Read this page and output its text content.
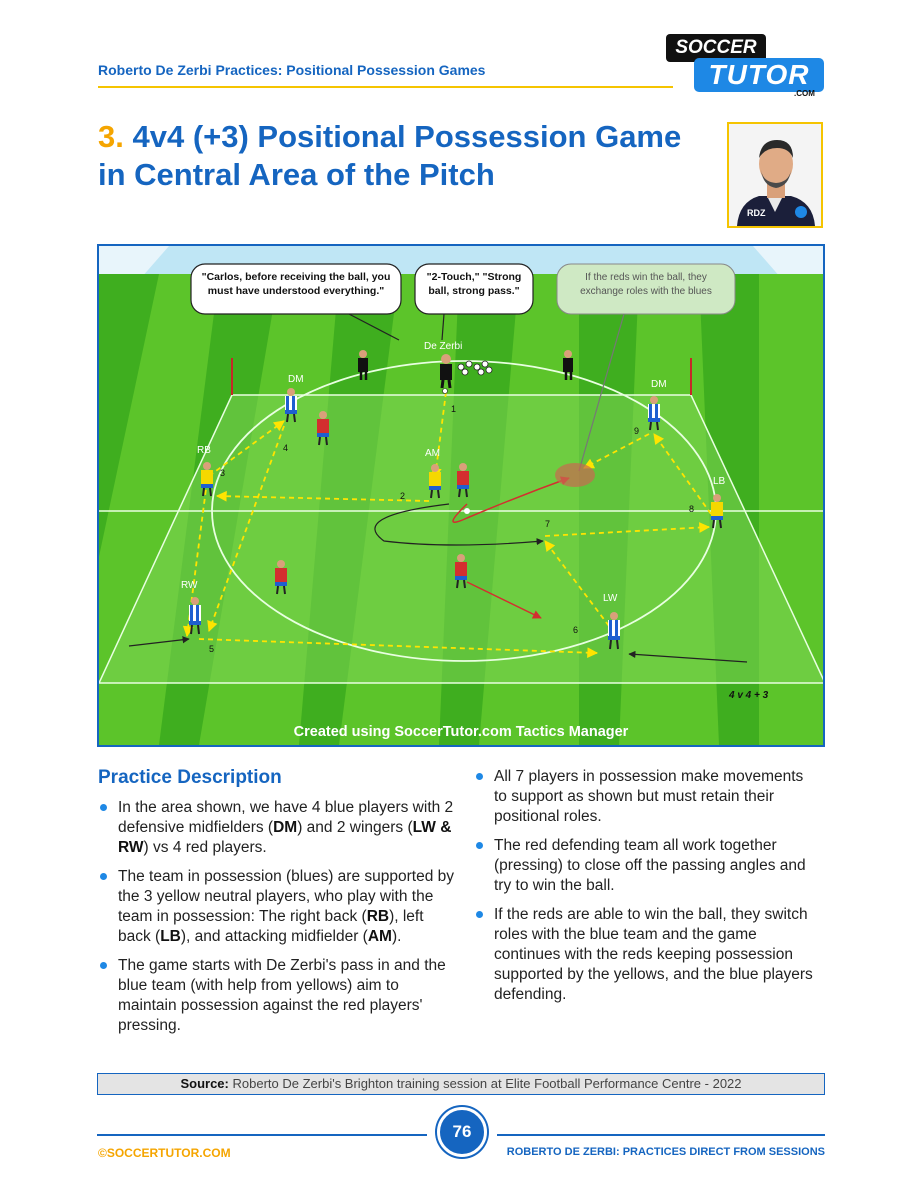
Roberto De Zerbi Practices: Positional Possession Games
SOCCER
TUTOR
.COM
3. 4v4 (+3) Positional Possession Game
in Central Area of the Pitch
RDZ
"Carlos, before receiving the ball, you must have understood everything."
"2-Touch," "Strong ball, strong pass."
If the reds win the ball, they exchange roles with the blues
De Zerbi
DM	DM
RB	AM
LB
RW
LW
1
2
3
4
5
6
7
8
9
4 v 4 + 3
Created using SoccerTutor.com Tactics Manager
Practice Description
In the area shown, we have 4 blue players with 2 defensive midfielders (DM) and 2 wingers (LW & RW) vs 4 red players.
The team in possession (blues) are supported by the 3 yellow neutral players, who play with the team in possession: The right back (RB), left back (LB), and attacking midfielder (AM).
The game starts with De Zerbi's pass in and the blue team (with help from yellows) aim to maintain possession against the red players' pressing.
All 7 players in possession make movements to support as shown but must retain their positional roles.
The red defending team all work together (pressing) to close off the passing angles and try to win the ball.
If the reds are able to win the ball, they switch roles with the blue team and the game continues with the reds keeping possession supported by the yellows, and the blue players defending.
Source: Roberto De Zerbi's Brighton training session at Elite Football Performance Centre - 2022
76
©SOCCERTUTOR.COM	ROBERTO DE ZERBI: PRACTICES DIRECT FROM SESSIONS
